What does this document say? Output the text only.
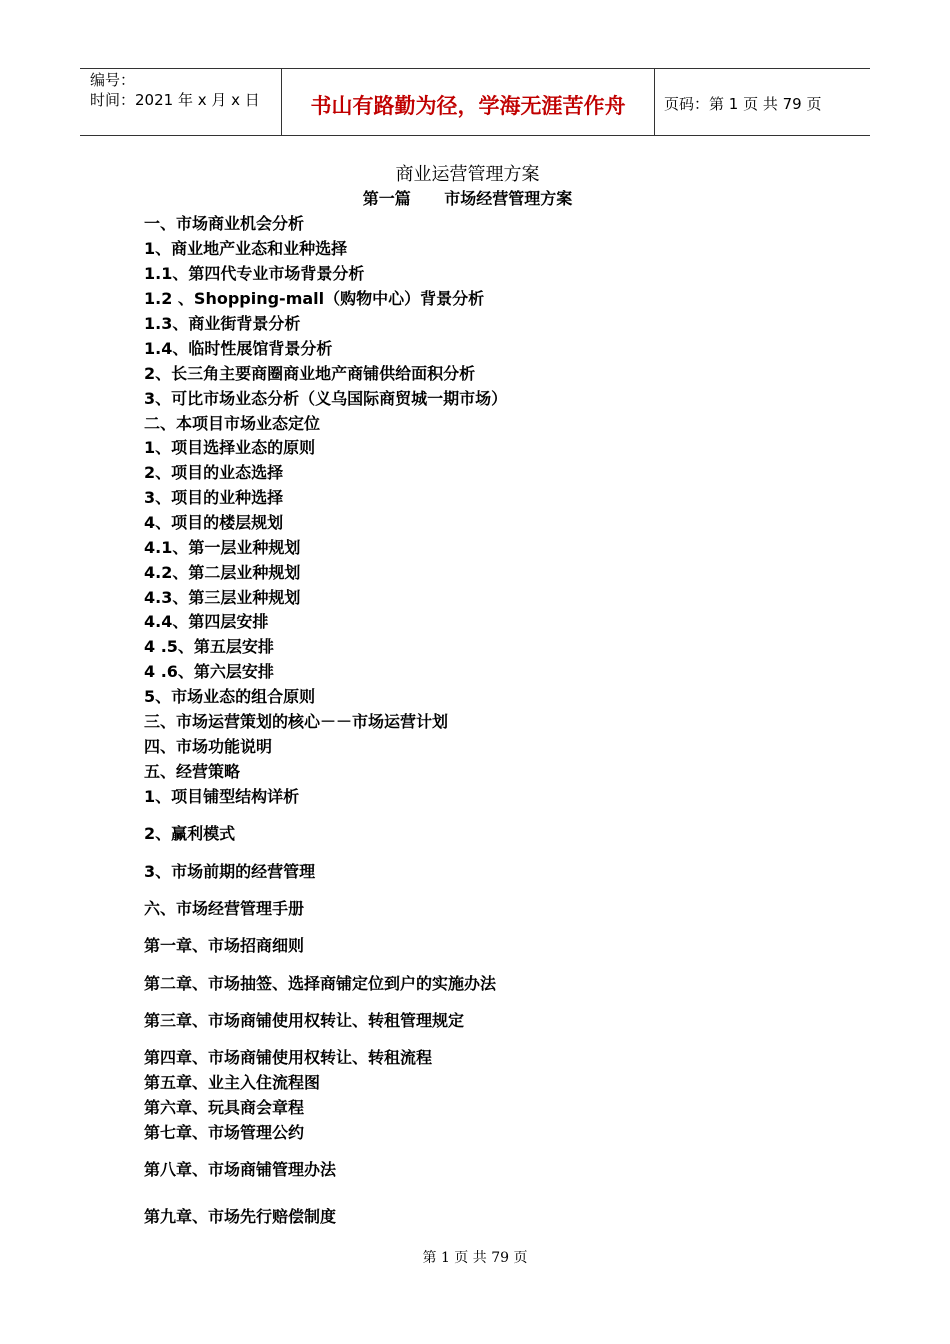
编号：
时间：2021 年 x 月 x 日	书山有路勤为径，学海无涯苦作舟	页码：第 1 页 共 79 页
商业运营管理方案
第一篇      市场经营管理方案
一、市场商业机会分析
1、商业地产业态和业种选择
1.1、第四代专业市场背景分析
1.2 、Shopping-mall（购物中心）背景分析
1.3、商业街背景分析
1.4、临时性展馆背景分析
2、长三角主要商圈商业地产商铺供给面积分析
3、可比市场业态分析（义乌国际商贸城一期市场）
二、本项目市场业态定位
1、项目选择业态的原则
2、项目的业态选择
3、项目的业种选择
4、项目的楼层规划
4.1、第一层业种规划
4.2、第二层业种规划
4.3、第三层业种规划
4.4、第四层安排
4 .5、第五层安排
4 .6、第六层安排
5、市场业态的组合原则
三、市场运营策划的核心－－市场运营计划
四、市场功能说明
五、经营策略
1、项目铺型结构详析
2、赢利模式
3、市场前期的经营管理
六、市场经营管理手册
第一章、市场招商细则
第二章、市场抽签、选择商铺定位到户的实施办法
第三章、市场商铺使用权转让、转租管理规定
第四章、市场商铺使用权转让、转租流程
第五章、业主入住流程图
第六章、玩具商会章程
第七章、市场管理公约
第八章、市场商铺管理办法
第九章、市场先行赔偿制度
第 1 页 共 79 页
